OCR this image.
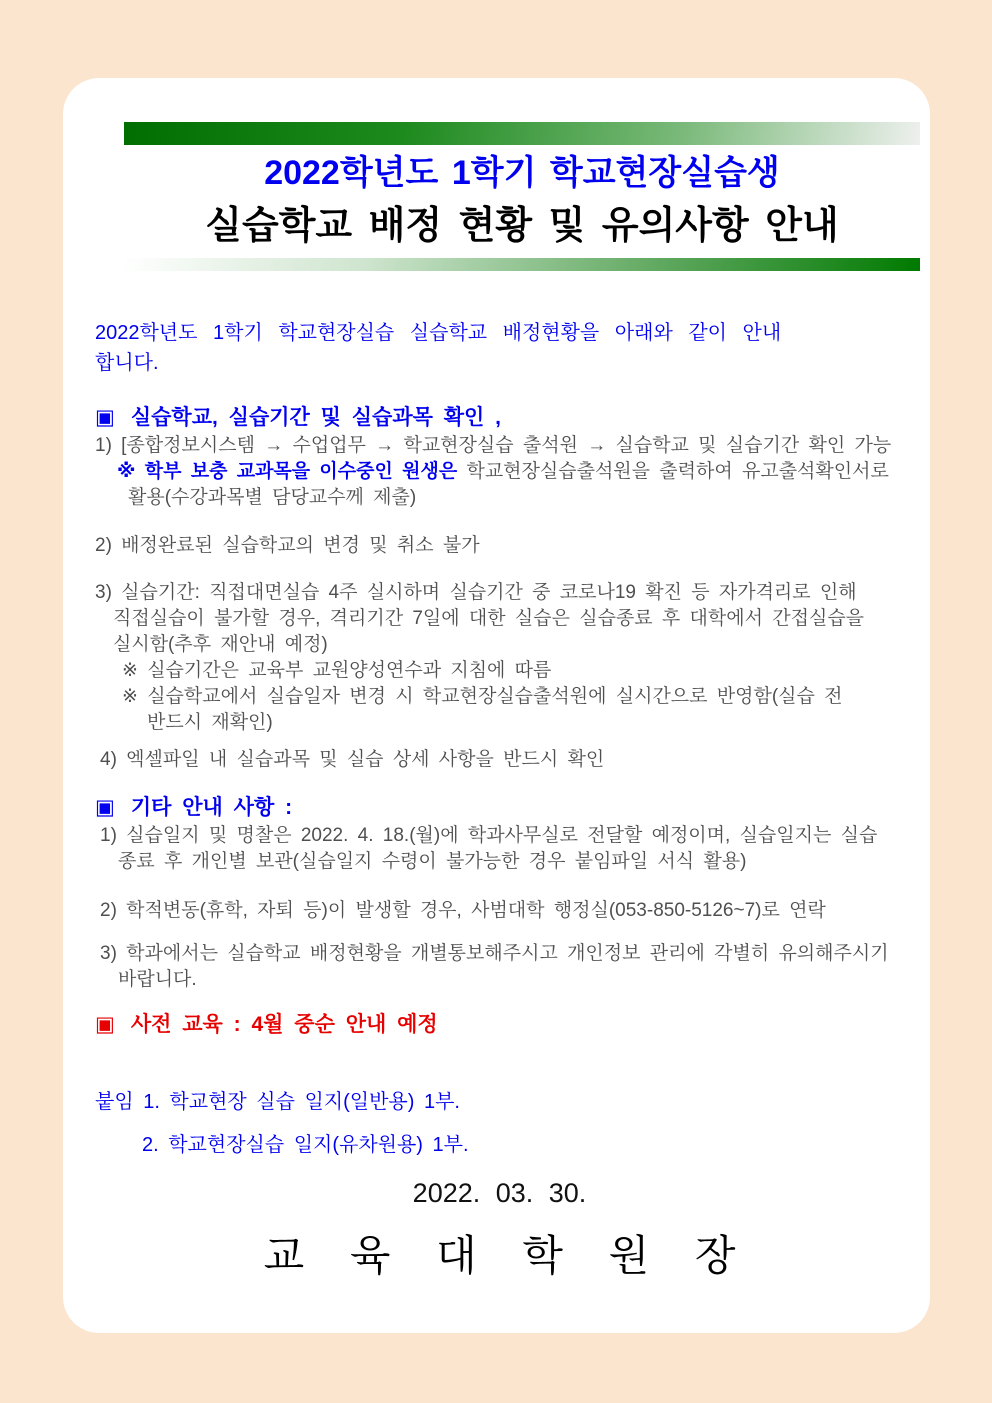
2022학년도 1학기 학교현장실습생
실습학교 배정 현황 및 유의사항 안내
2022학년도 1학기 학교현장실습 실습학교 배정현황을 아래와 같이 안내
합니다.
▣ 실습학교, 실습기간 및 실습과목 확인 ,
1) [종합정보시스템 → 수업업무 → 학교현장실습 출석원 → 실습학교 및 실습기간 확인 가능
※ 학부 보충 교과목을 이수중인 원생은 학교현장실습출석원을 출력하여 유고출석확인서로
활용(수강과목별 담당교수께 제출)
2) 배정완료된 실습학교의 변경 및 취소 불가
3) 실습기간: 직접대면실습 4주 실시하며 실습기간 중 코로나19 확진 등 자가격리로 인해
직접실습이 불가할 경우, 격리기간 7일에 대한 실습은 실습종료 후 대학에서 간접실습을
실시함(추후 재안내 예정)
※ 실습기간은 교육부 교원양성연수과 지침에 따름
※ 실습학교에서 실습일자 변경 시 학교현장실습출석원에 실시간으로 반영함(실습 전
반드시 재확인)
4) 엑셀파일 내 실습과목 및 실습 상세 사항을 반드시 확인
▣ 기타 안내 사항 :
1) 실습일지 및 명찰은 2022. 4. 18.(월)에 학과사무실로 전달할 예정이며, 실습일지는 실습
종료 후 개인별 보관(실습일지 수령이 불가능한 경우 붙임파일 서식 활용)
2) 학적변동(휴학, 자퇴 등)이 발생할 경우, 사범대학 행정실(053-850-5126~7)로 연락
3) 학과에서는 실습학교 배정현황을 개별통보해주시고 개인정보 관리에 각별히 유의해주시기
바랍니다.
▣ 사전 교육 : 4월 중순 안내 예정
붙임 1. 학교현장 실습 일지(일반용) 1부.
2. 학교현장실습 일지(유차원용) 1부.
2022. 03. 30.
교 육 대 학 원 장
